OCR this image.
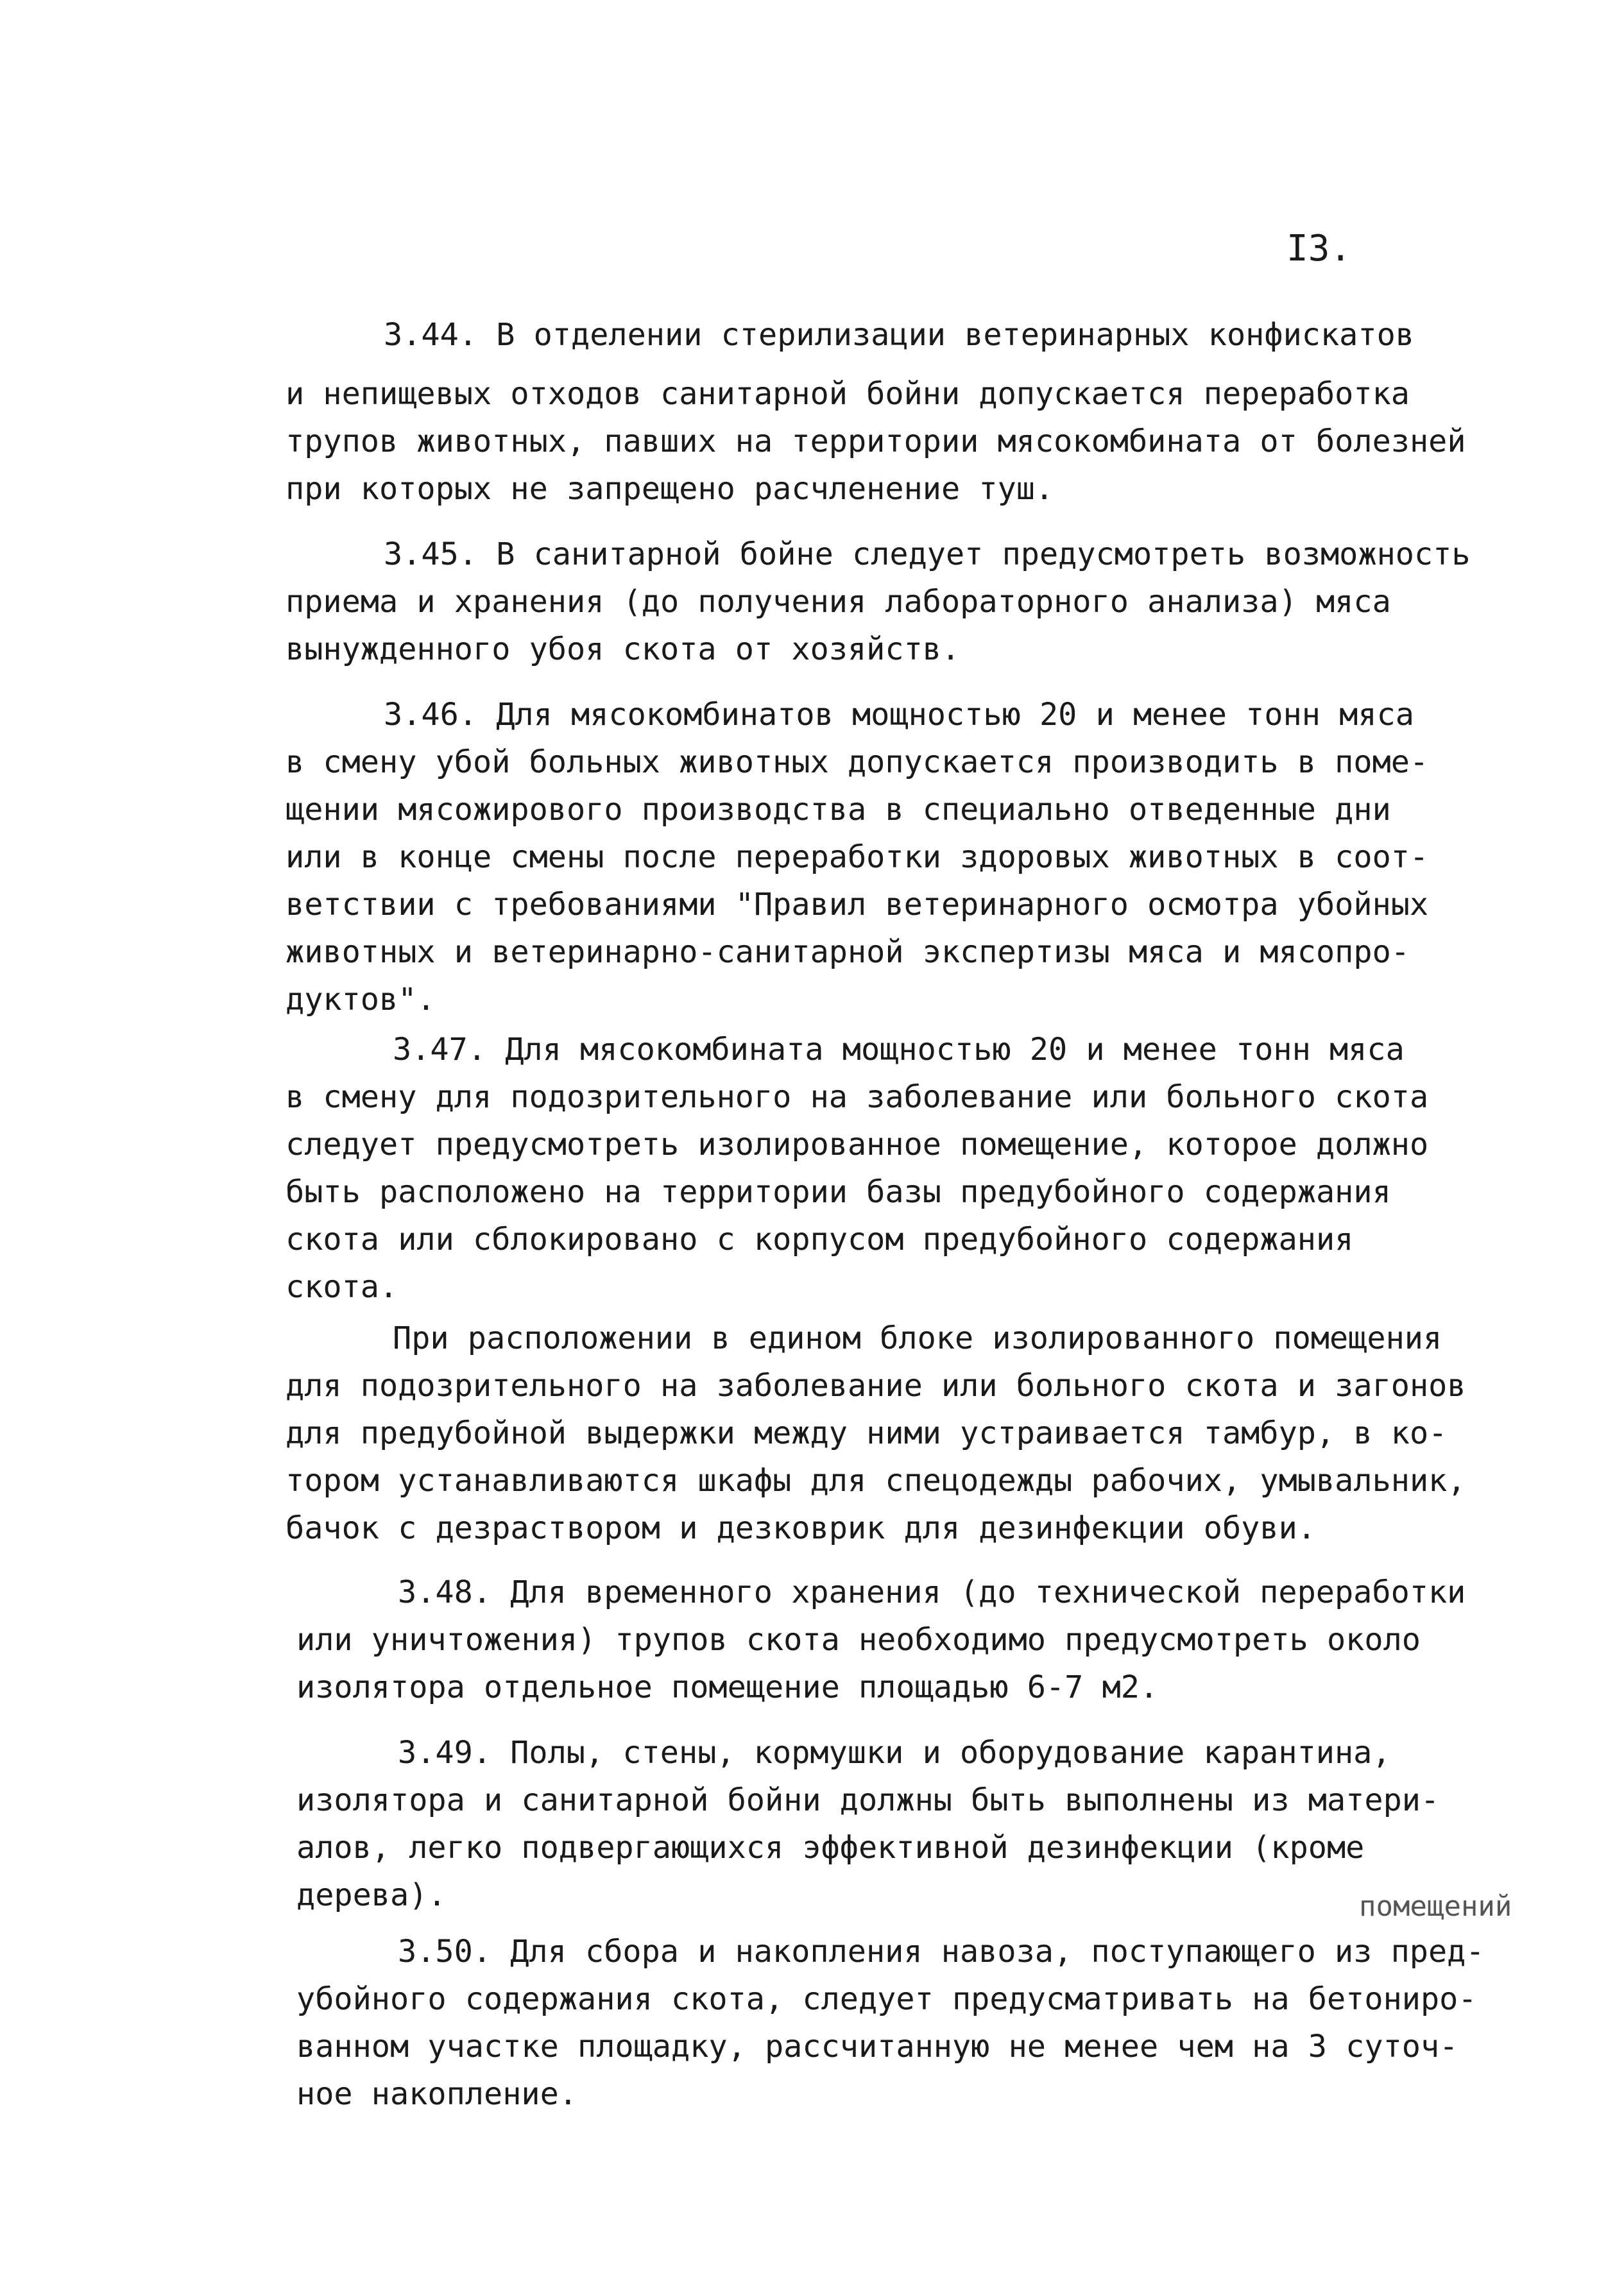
I3.
3.44. В отделении стерилизации ветеринарных конфискатов
и непищевых отходов санитарной бойни допускается переработка
трупов животных, павших на территории мясокомбината от болезней
при которых не запрещено расчленение туш.
3.45. В санитарной бойне следует предусмотреть возможность
приема и хранения (до получения лабораторного анализа) мяса
вынужденного убоя скота от хозяйств.
3.46. Для мясокомбинатов мощностью 20 и менее тонн мяса
в смену убой больных животных допускается производить в поме-
щении мясожирового производства в специально отведенные дни
или в конце смены после переработки здоровых животных в соот-
ветствии с требованиями "Правил ветеринарного осмотра убойных
животных и ветеринарно-санитарной экспертизы мяса и мясопро-
дуктов".
3.47. Для мясокомбината мощностью 20 и менее тонн мяса
в смену для подозрительного на заболевание или больного скота
следует предусмотреть изолированное помещение, которое должно
быть расположено на территории базы предубойного содержания
скота или сблокировано с корпусом предубойного содержания
скота.
При расположении в едином блоке изолированного помещения
для подозрительного на заболевание или больного скота и загонов
для предубойной выдержки между ними устраивается тамбур, в ко-
тором устанавливаются шкафы для спецодежды рабочих, умывальник,
бачок с дезраствором и дезковрик для дезинфекции обуви.
3.48. Для временного хранения (до технической переработки
или уничтожения) трупов скота необходимо предусмотреть около
изолятора отдельное помещение площадью 6-7 м2.
3.49. Полы, стены, кормушки и оборудование карантина,
изолятора и санитарной бойни должны быть выполнены из матери-
алов, легко подвергающихся эффективной дезинфекции (кроме
дерева).	помещений
3.50. Для сбора и накопления навоза, поступающего из пред-
убойного содержания скота, следует предусматривать на бетониро-
ванном участке площадку, рассчитанную не менее чем на 3 суточ-
ное накопление.
